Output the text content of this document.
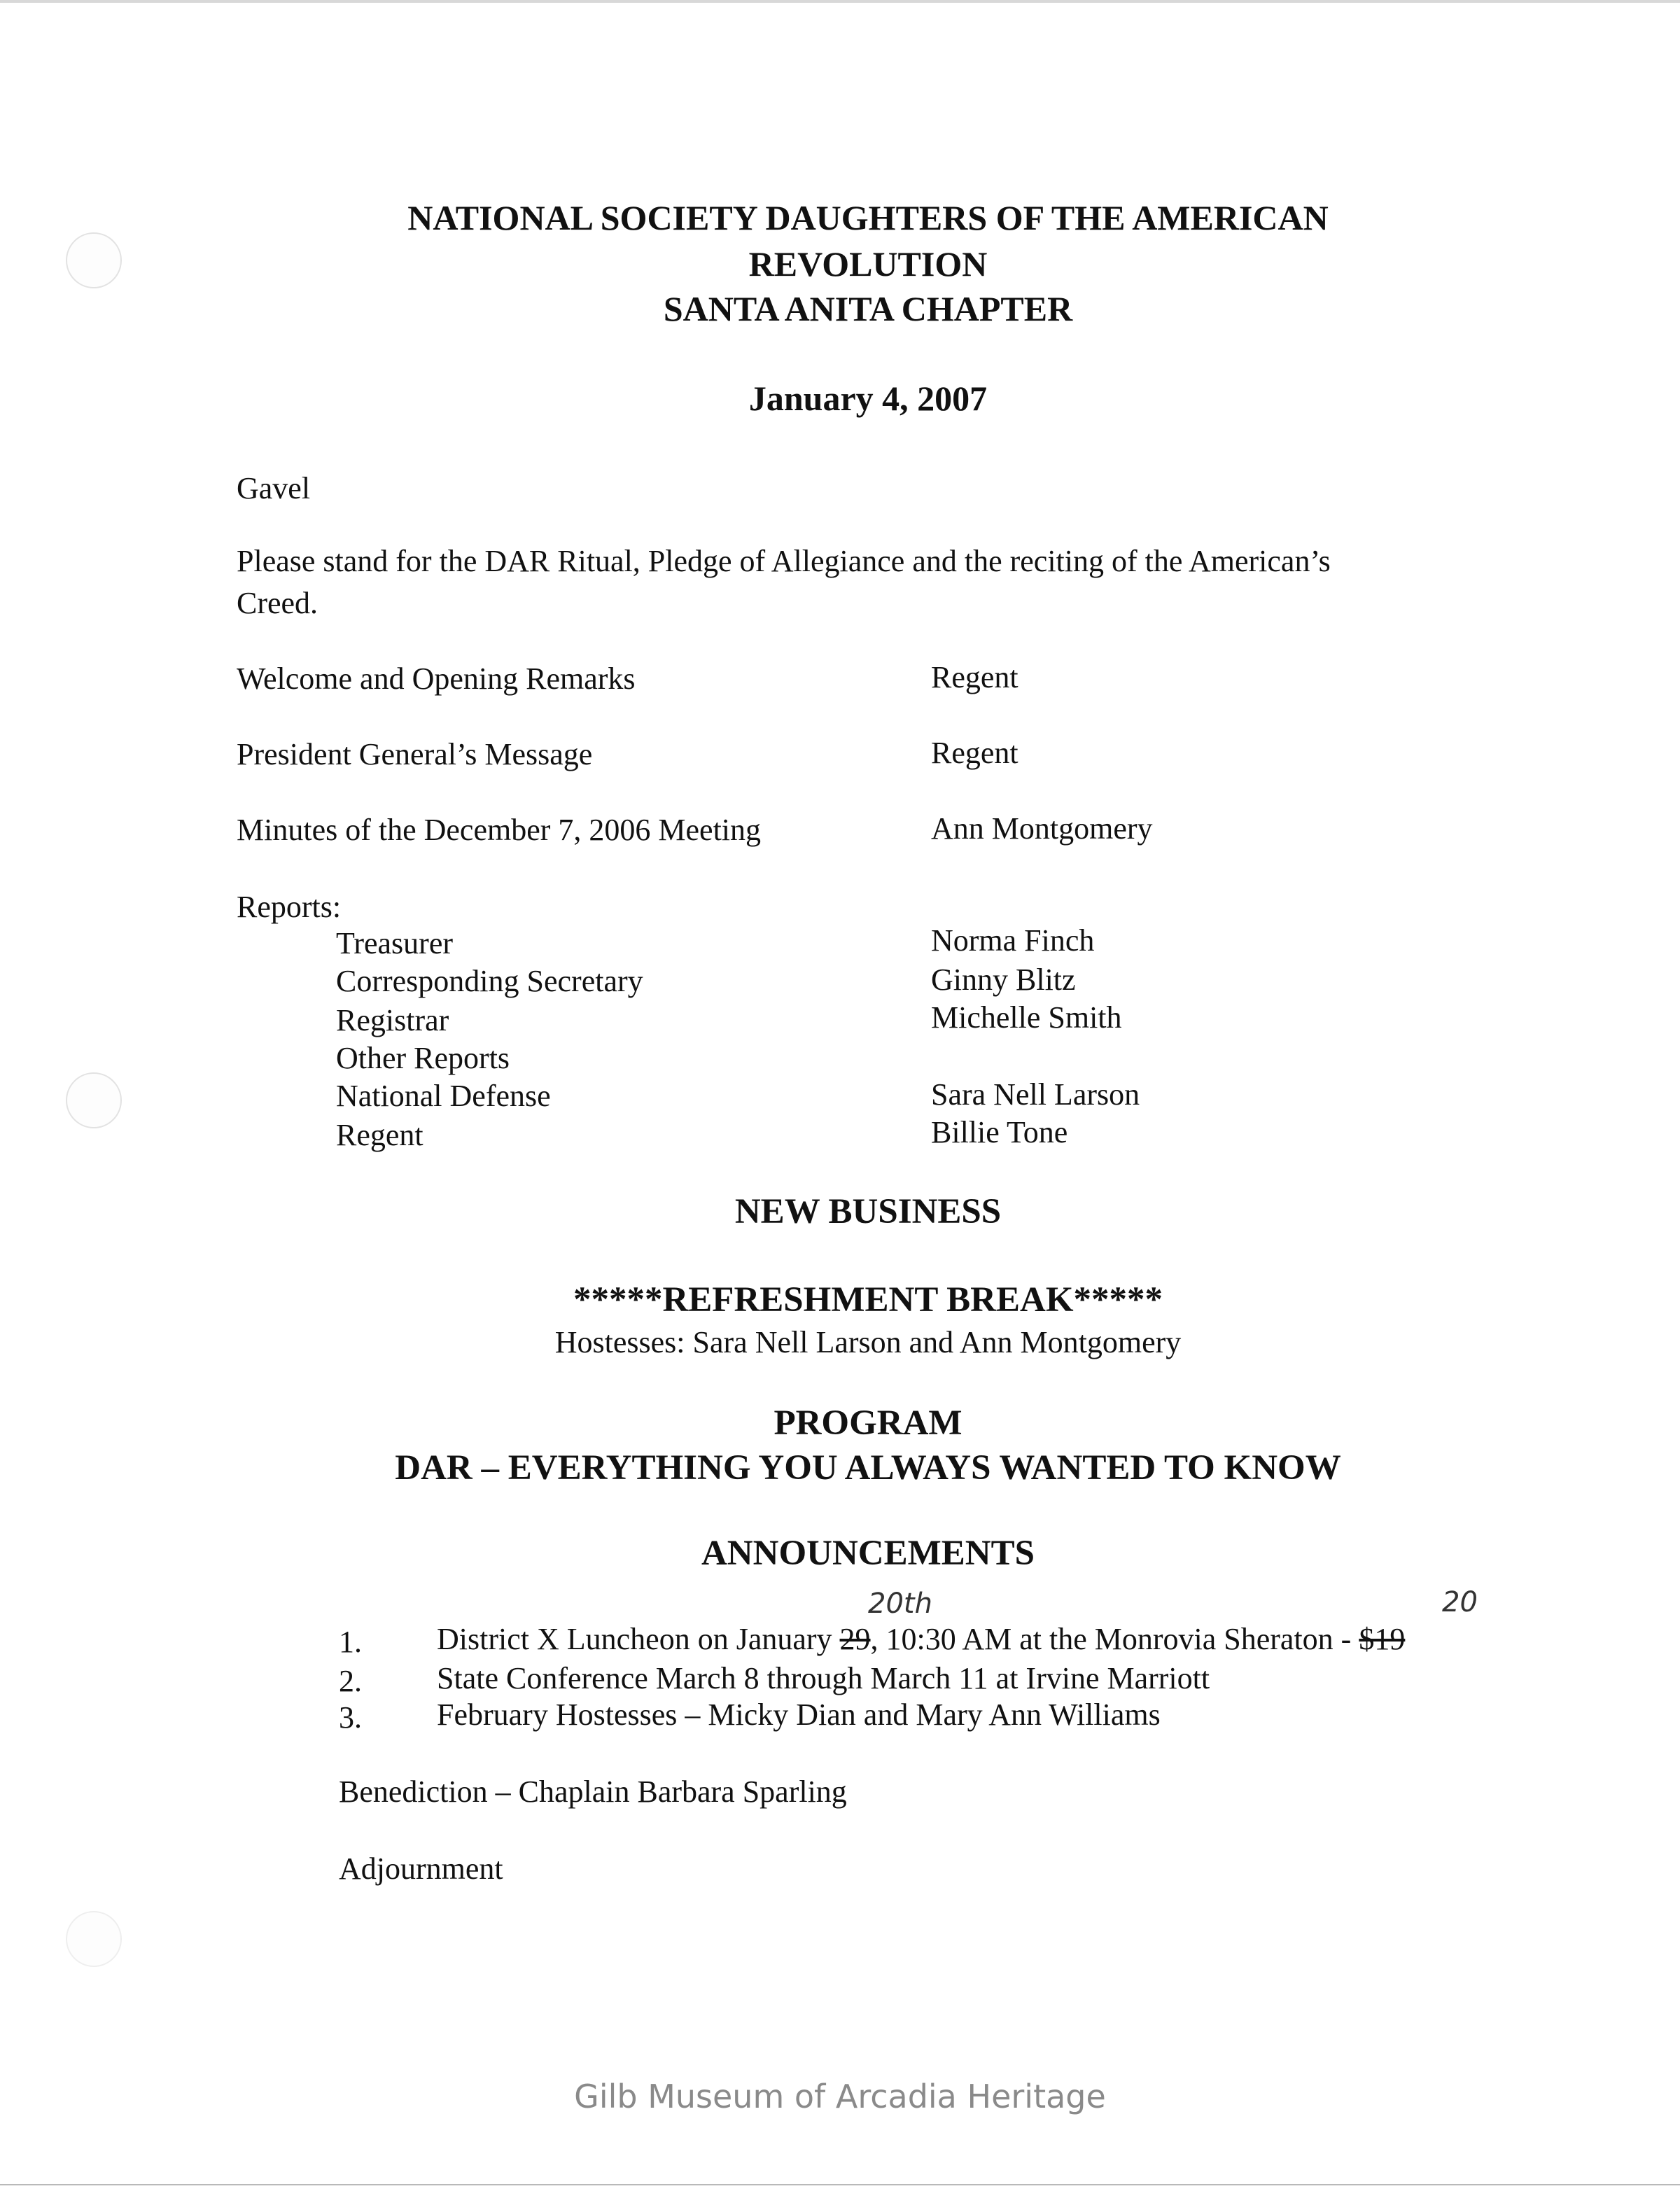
NATIONAL SOCIETY DAUGHTERS OF THE AMERICAN
REVOLUTION
SANTA ANITA CHAPTER
January 4, 2007
Gavel
Please stand for the DAR Ritual, Pledge of Allegiance and the reciting of the American’s
Creed.
Welcome and Opening Remarks	Regent
President General’s Message	Regent
Minutes of the December 7, 2006 Meeting	Ann Montgomery
Reports:
Treasurer	Norma Finch
Corresponding Secretary	Ginny Blitz
Registrar	Michelle Smith
Other Reports
National Defense	Sara Nell Larson
Regent	Billie Tone
NEW BUSINESS
*****REFRESHMENT BREAK*****
Hostesses: Sara Nell Larson and Ann Montgomery
PROGRAM
DAR – EVERYTHING YOU ALWAYS WANTED TO KNOW
ANNOUNCEMENTS
1. District X Luncheon on January 29, 10:30 AM at the Monrovia Sheraton - $19
20th	20
2. State Conference March 8 through March 11 at Irvine Marriott
3. February Hostesses – Micky Dian and Mary Ann Williams
Benediction – Chaplain Barbara Sparling
Adjournment
Gilb Museum of Arcadia Heritage
